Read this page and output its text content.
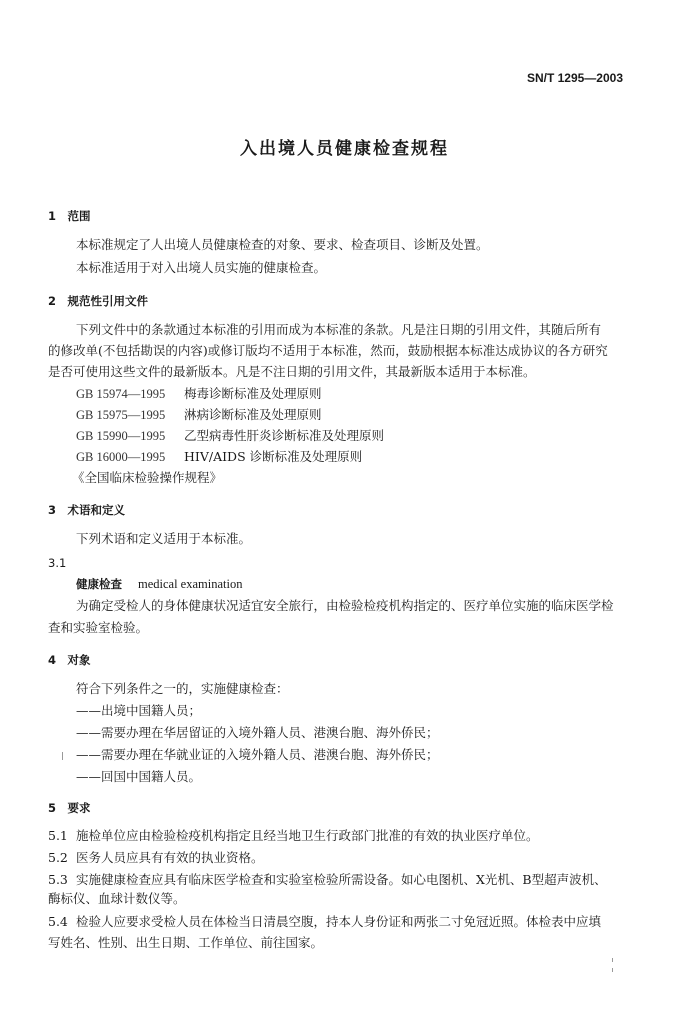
SN/T 1295—2003
入出境人员健康检查规程
1　范围
本标准规定了人出境人员健康检查的对象、要求、检查项目、诊断及处置。
本标准适用于对入出境人员实施的健康检查。
2　规范性引用文件
下列文件中的条款通过本标准的引用而成为本标准的条款。凡是注日期的引用文件，其随后所有
的修改单(不包括勘误的内容)或修订版均不适用于本标准，然而，鼓励根据本标准达成协议的各方研究
是否可使用这些文件的最新版本。凡是不注日期的引用文件，其最新版本适用于本标准。
GB 15974—1995 梅毒诊断标准及处理原则
GB 15975—1995 淋病诊断标准及处理原则
GB 15990—1995 乙型病毒性肝炎诊断标准及处理原则
GB 16000—1995 HIV/AIDS 诊断标准及处理原则
《全国临床检验操作规程》
3　术语和定义
下列术语和定义适用于本标准。
3.1
健康检查 medical examination
为确定受检人的身体健康状况适宜安全旅行，由检验检疫机构指定的、医疗单位实施的临床医学检
查和实验室检验。
4　对象
符合下列条件之一的，实施健康检查：
——出境中国籍人员；
——需要办理在华居留证的入境外籍人员、港澳台胞、海外侨民；
——需要办理在华就业证的入境外籍人员、港澳台胞、海外侨民；
——回国中国籍人员。
5　要求
5.1 施检单位应由检验检疫机构指定且经当地卫生行政部门批准的有效的执业医疗单位。
5.2 医务人员应具有有效的执业资格。
5.3 实施健康检查应具有临床医学检查和实验室检验所需设备。如心电图机、X光机、B型超声波机、
酶标仪、血球计数仪等。
5.4 检验人应要求受检人员在体检当日清晨空腹，持本人身份证和两张二寸免冠近照。体检表中应填
写姓名、性别、出生日期、工作单位、前往国家。
